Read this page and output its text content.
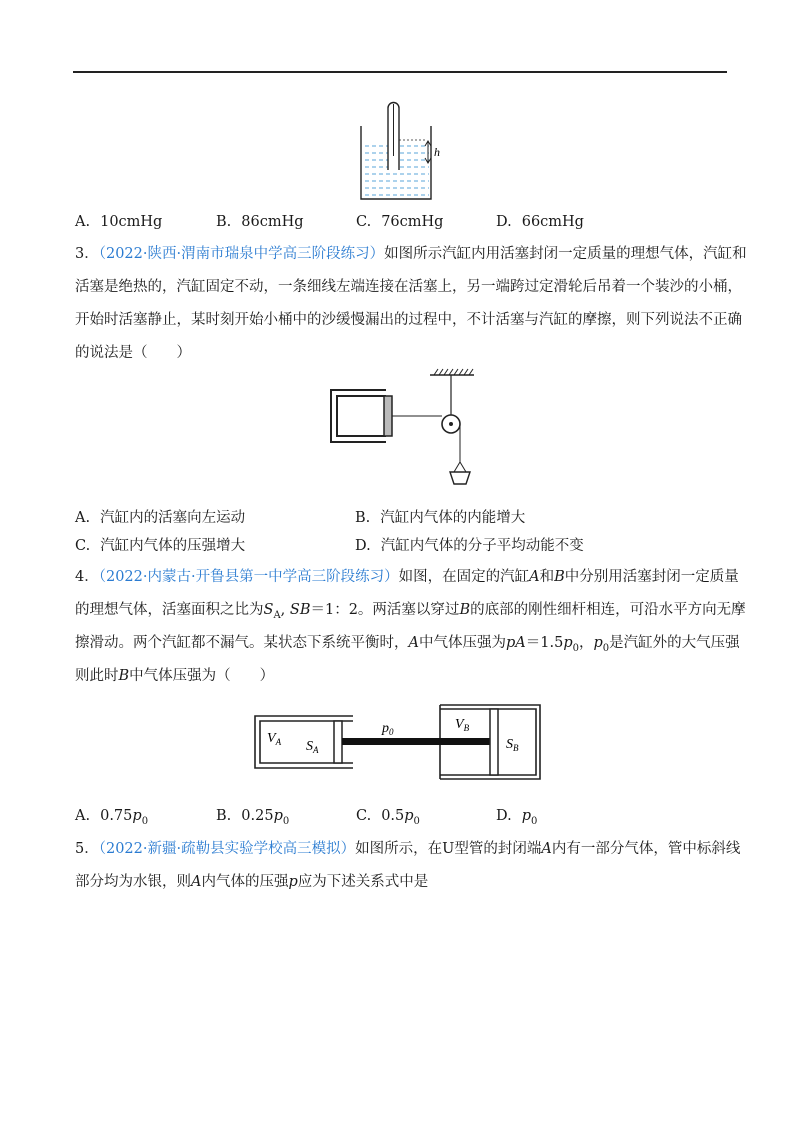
h
A. 10cmHg	B. 86cmHg	C. 76cmHg	D. 66cmHg
3．（2022·陕西·渭南市瑞泉中学高三阶段练习）如图所示汽缸内用活塞封闭一定质量的理想气体，汽缸和
活塞是绝热的，汽缸固定不动，一条细线左端连接在活塞上，另一端跨过定滑轮后吊着一个装沙的小桶，
开始时活塞静止，某时刻开始小桶中的沙缓慢漏出的过程中，不计活塞与汽缸的摩擦，则下列说法不正确
的说法是（　　）
A. 汽缸内的活塞向左运动	B. 汽缸内气体的内能增大
C. 汽缸内气体的压强增大	D. 汽缸内气体的分子平均动能不变
4．（2022·内蒙古·开鲁县第一中学高三阶段练习）如图，在固定的汽缸A和B中分别用活塞封闭一定质量
的理想气体，活塞面积之比为$S_A$, SB＝1：2。两活塞以穿过B的底部的刚性细杆相连，可沿水平方向无摩
擦滑动。两个汽缸都不漏气。某状态下系统平衡时，A中气体压强为$pA=1.5p_0$，$p_0$是汽缸外的大气压强
则此时B中气体压强为（　　）
$V_A$ $S_A$
$p_0$	$V_B$
$S_B$
A. $0.75p_0$	B. $0.25p_0$	C. $0.5p_0$	D. $p_0$
5．（2022·新疆·疏勒县实验学校高三模拟）如图所示，在U型管的封闭端A内有一部分气体，管中标斜线
部分均为水银，则A内气体的压强p应为下述关系式中是
